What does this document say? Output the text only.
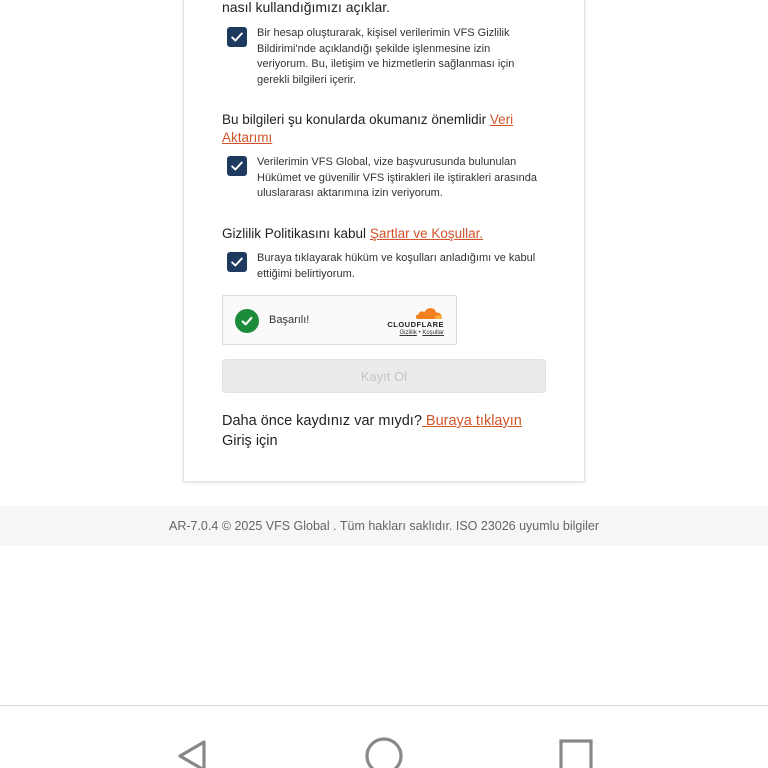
nasıl kullandığımızı açıklar.
Bir hesap oluşturarak, kişisel verilerimin VFS Gizlilik Bildirimi'nde açıklandığı şekilde işlenmesine izin veriyorum. Bu, iletişim ve hizmetlerin sağlanması için gerekli bilgileri içerir.
Bu bilgileri şu konularda okumanız önemlidir Veri Aktarımı
Verilerimin VFS Global, vize başvurusunda bulunulan Hükümet ve güvenilir VFS iştirakleri ile iştirakleri arasında uluslararası aktarımına izin veriyorum.
Gizlilik Politikasını kabul Şartlar ve Koşullar.
Buraya tıklayarak hüküm ve koşulları anladığımı ve kabul ettiğimi belirtiyorum.
Başarılı!	CLOUDFLARE
Gizlilik • Koşullar
Kayıt Ol
Daha önce kaydınız var mıydı? Buraya tıklayın
Giriş için
AR-7.0.4 © 2025 VFS Global . Tüm hakları saklıdır. ISO 23026 uyumlu bilgiler
